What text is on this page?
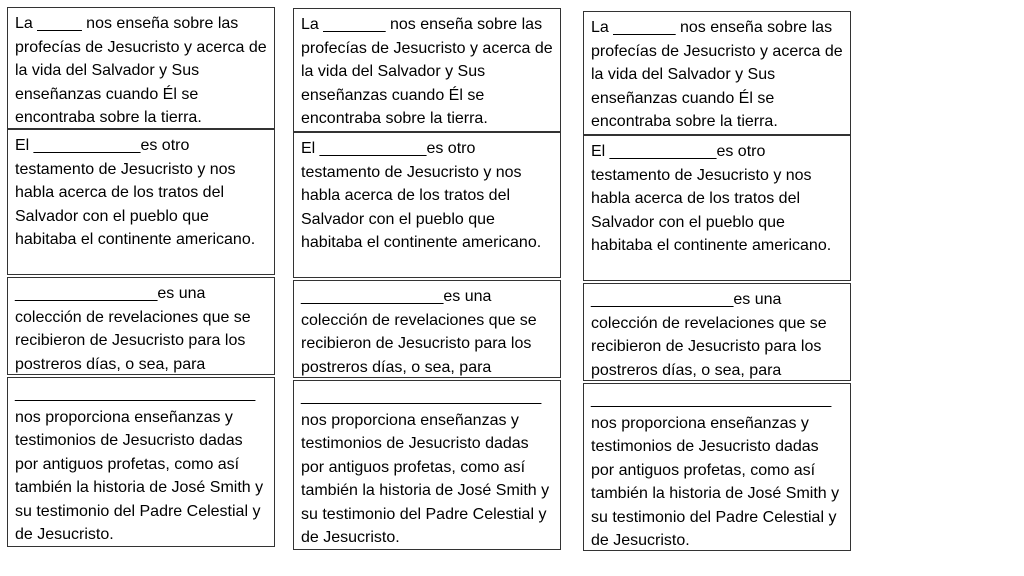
La _____ nos enseña sobre las profecías de Jesucristo y acerca de la vida del Salvador y Sus enseñanzas cuando Él se encontraba sobre la tierra.
El ____________es otro testamento de Jesucristo y nos habla acerca de los tratos del Salvador con el pueblo que habitaba el continente americano.
________________es una colección de revelaciones que se recibieron de Jesucristo para los postreros días, o sea, para
___________________________
nos proporciona enseñanzas y testimonios de Jesucristo dadas por antiguos profetas, como así también la historia de José Smith y su testimonio del Padre Celestial y de Jesucristo.
La _______ nos enseña sobre las profecías de Jesucristo y acerca de la vida del Salvador y Sus enseñanzas cuando Él se encontraba sobre la tierra.
El ____________es otro testamento de Jesucristo y nos habla acerca de los tratos del Salvador con el pueblo que habitaba el continente americano.
________________es una colección de revelaciones que se recibieron de Jesucristo para los postreros días, o sea, para
___________________________
nos proporciona enseñanzas y testimonios de Jesucristo dadas por antiguos profetas, como así también la historia de José Smith y su testimonio del Padre Celestial y de Jesucristo.
La _______ nos enseña sobre las profecías de Jesucristo y acerca de la vida del Salvador y Sus enseñanzas cuando Él se encontraba sobre la tierra.
El ____________es otro testamento de Jesucristo y nos habla acerca de los tratos del Salvador con el pueblo que habitaba el continente americano.
________________es una colección de revelaciones que se recibieron de Jesucristo para los postreros días, o sea, para
___________________________
nos proporciona enseñanzas y testimonios de Jesucristo dadas por antiguos profetas, como así también la historia de José Smith y su testimonio del Padre Celestial y de Jesucristo.
